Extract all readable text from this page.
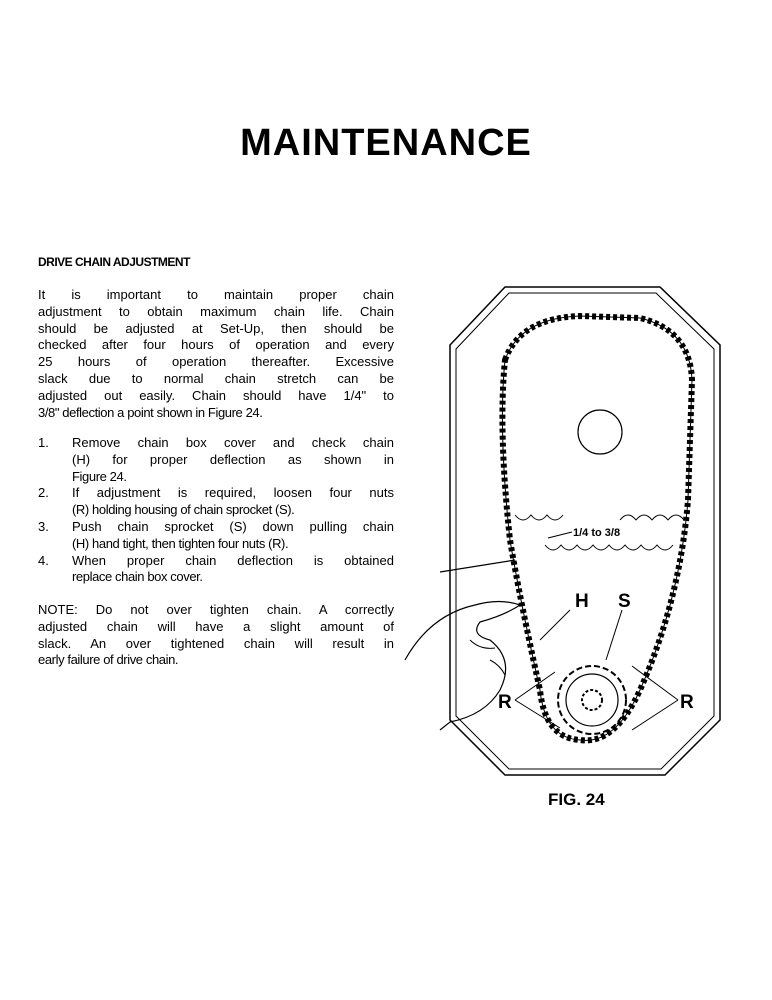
MAINTENANCE
DRIVE CHAIN ADJUSTMENT
It is important to maintain proper chain
adjustment to obtain maximum chain life. Chain
should be adjusted at Set-Up, then should be
checked after four hours of operation and every
25 hours of operation thereafter. Excessive
slack due to normal chain stretch can be
adjusted out easily. Chain should have 1/4" to
3/8" deflection a point shown in Figure 24.
1.	Remove chain box cover and check chain
(H) for proper deflection as shown in
Figure 24.
2.	If adjustment is required, loosen four nuts
(R) holding housing of chain sprocket (S).
3.	Push chain sprocket (S) down pulling chain
(H) hand tight, then tighten four nuts (R).
4.	When proper chain deflection is obtained
replace chain box cover.
NOTE: Do not over tighten chain. A correctly
adjusted chain will have a slight amount of
slack. An over tightened chain will result in
early failure of drive chain.
1/4 to 3/8
H S
R	R
FIG. 24
